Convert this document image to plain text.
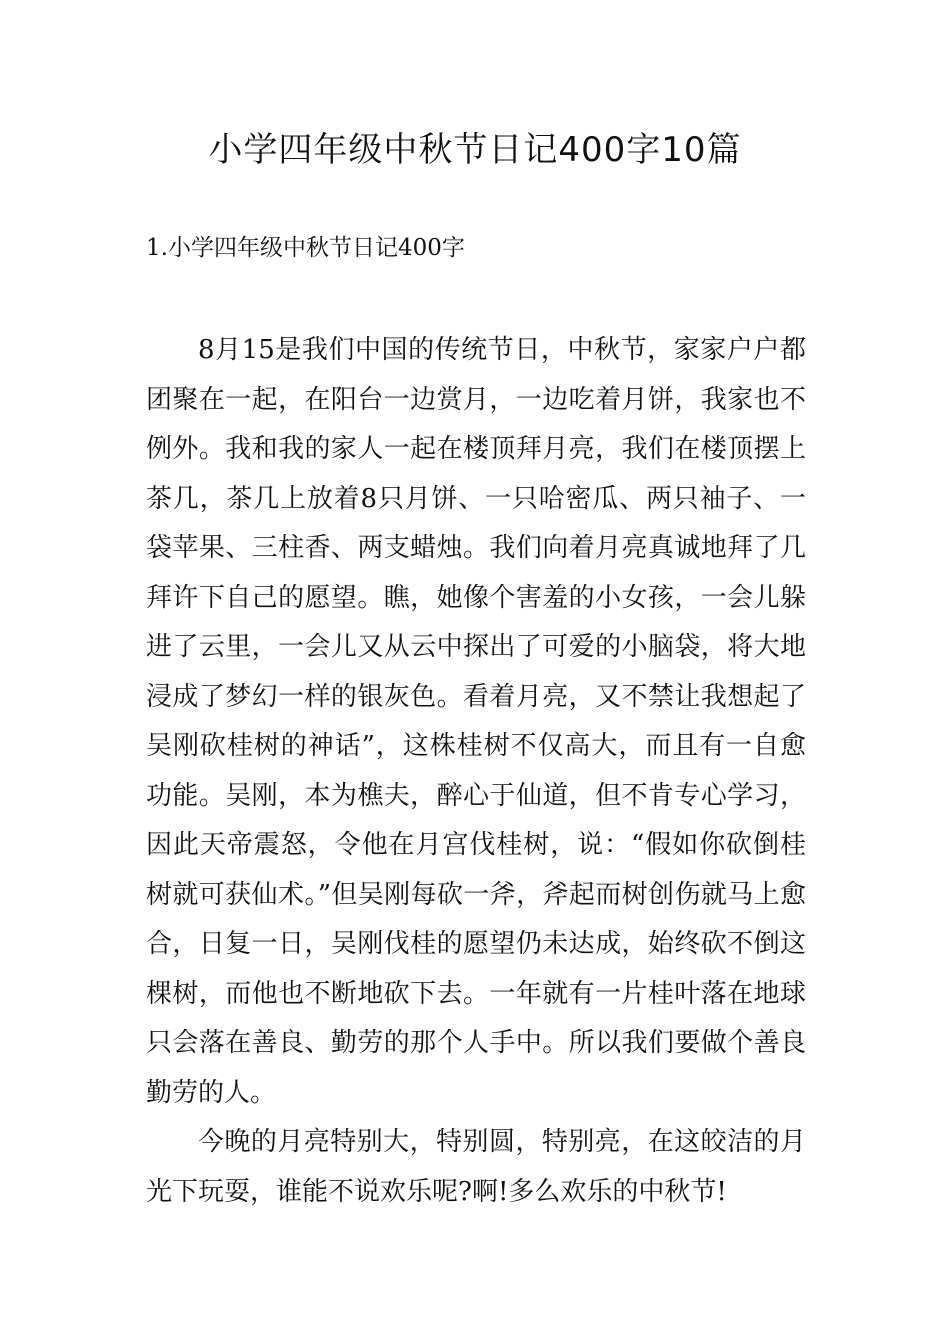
小学四年级中秋节日记400字10篇
1.小学四年级中秋节日记400字

8月15是我们中国的传统节日，中秋节，家家户户都团聚在一起，在阳台一边赏月，一边吃着月饼，我家也不例外。我和我的家人一起在楼顶拜月亮，我们在楼顶摆上茶几，茶几上放着8只月饼、一只哈密瓜、两只袖子、一袋苹果、三柱香、两支蜡烛。我们向着月亮真诚地拜了几拜许下自己的愿望。瞧，她像个害羞的小女孩，一会儿躲进了云里，一会儿又从云中探出了可爱的小脑袋，将大地浸成了梦幻一样的银灰色。看着月亮，又不禁让我想起了吴刚砍桂树的神话”，这株桂树不仅高大，而且有一自愈功能。吴刚，本为樵夫，醉心于仙道，但不肯专心学习，因此天帝震怒，令他在月宫伐桂树，说：“假如你砍倒桂树就可获仙术。”但吴刚每砍一斧，斧起而树创伤就马上愈合，日复一日，吴刚伐桂的愿望仍未达成，始终砍不倒这棵树，而他也不断地砍下去。一年就有一片桂叶落在地球只会落在善良、勤劳的那个人手中。所以我们要做个善良勤劳的人。

今晚的月亮特别大，特别圆，特别亮，在这皎洁的月光下玩耍，谁能不说欢乐呢?啊!多么欢乐的中秋节!
